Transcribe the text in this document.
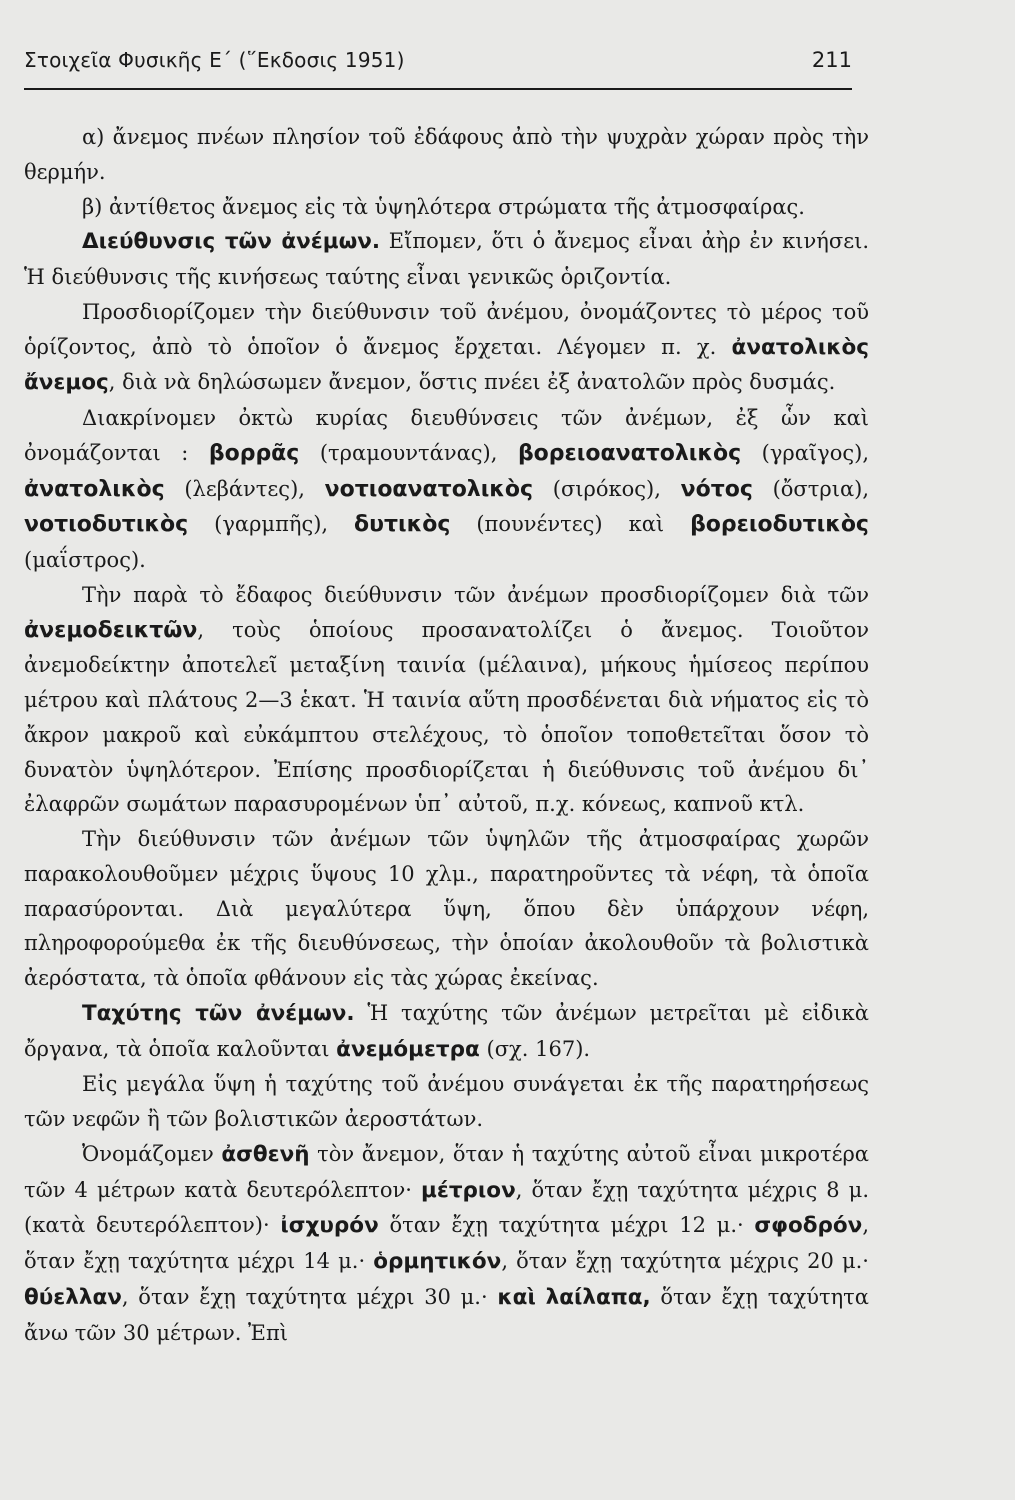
Στοιχεῖα Φυσικῆς Ε΄ (῞Εκδοσις 1951)	211

α) ἄνεμος πνέων πλησίον τοῦ ἐδάφους ἀπὸ τὴν ψυχρὰν χώραν πρὸς τὴν θερμήν.

β) ἀντίθετος ἄνεμος εἰς τὰ ὑψηλότερα στρώματα τῆς ἀτμοσφαίρας.

Διεύθυνσις τῶν ἀνέμων. Εἴπομεν, ὅτι ὁ ἄνεμος εἶναι ἀὴρ ἐν κινήσει. Ἡ διεύθυνσις τῆς κινήσεως ταύτης εἶναι γενικῶς ὁριζοντία.

Προσδιορίζομεν τὴν διεύθυνσιν τοῦ ἀνέμου, ὀνομάζοντες τὸ μέρος τοῦ ὁρίζοντος, ἀπὸ τὸ ὁποῖον ὁ ἄνεμος ἔρχεται. Λέγομεν π. χ. ἀνατολικὸς ἄνεμος, διὰ νὰ δηλώσωμεν ἄνεμον, ὅστις πνέει ἐξ ἀνατολῶν πρὸς δυσμάς.

Διακρίνομεν ὀκτὼ κυρίας διευθύνσεις τῶν ἀνέμων, ἐξ ὧν καὶ ὀνομάζονται : βορρᾶς (τραμουντάνας), βορειοανατολικὸς (γραῖγος), ἀνατολικὸς (λεβάντες), νοτιοανατολικὸς (σιρόκος), νότος (ὄστρια), νοτιοδυτικὸς (γαρμπῆς), δυτικὸς (πουνέντες) καὶ βορειοδυτικὸς (μαΐστρος).

Τὴν παρὰ τὸ ἔδαφος διεύθυνσιν τῶν ἀνέμων προσδιορίζομεν διὰ τῶν ἀνεμοδεικτῶν, τοὺς ὁποίους προσανατολίζει ὁ ἄνεμος. Τοιοῦτον ἀνεμοδείκτην ἀποτελεῖ μεταξίνη ταινία (μέλαινα), μήκους ἡμίσεος περίπου μέτρου καὶ πλάτους 2—3 ἑκατ. Ἡ ταινία αὕτη προσδένεται διὰ νήματος εἰς τὸ ἄκρον μακροῦ καὶ εὐκάμπτου στελέχους, τὸ ὁποῖον τοποθετεῖται ὅσον τὸ δυνατὸν ὑψηλότερον. Ἐπίσης προσδιορίζεται ἡ διεύθυνσις τοῦ ἀνέμου δι᾿ ἐλαφρῶν σωμάτων παρασυρομένων ὑπ᾿ αὐτοῦ, π.χ. κόνεως, καπνοῦ κτλ.

Τὴν διεύθυνσιν τῶν ἀνέμων τῶν ὑψηλῶν τῆς ἀτμοσφαίρας χωρῶν παρακολουθοῦμεν μέχρις ὕψους 10 χλμ., παρατηροῦντες τὰ νέφη, τὰ ὁποῖα παρασύρονται. Διὰ μεγαλύτερα ὕψη, ὅπου δὲν ὑπάρχουν νέφη, πληροφορούμεθα ἐκ τῆς διευθύνσεως, τὴν ὁποίαν ἀκολουθοῦν τὰ βολιστικὰ ἀερόστατα, τὰ ὁποῖα φθάνουν εἰς τὰς χώρας ἐκείνας.

Ταχύτης τῶν ἀνέμων. Ἡ ταχύτης τῶν ἀνέμων μετρεῖται μὲ εἰδικὰ ὄργανα, τὰ ὁποῖα καλοῦνται ἀνεμόμετρα (σχ. 167).

Εἰς μεγάλα ὕψη ἡ ταχύτης τοῦ ἀνέμου συνάγεται ἐκ τῆς παρατηρήσεως τῶν νεφῶν ἢ τῶν βολιστικῶν ἀεροστάτων.

Ὀνομάζομεν ἀσθενῆ τὸν ἄνεμον, ὅταν ἡ ταχύτης αὐτοῦ εἶναι μικροτέρα τῶν 4 μέτρων κατὰ δευτερόλεπτον· μέτριον, ὅταν ἔχῃ ταχύτητα μέχρις 8 μ. (κατὰ δευτερόλεπτον)· ἰσχυρόν ὅταν ἔχῃ ταχύτητα μέχρι 12 μ.· σφοδρόν, ὅταν ἔχῃ ταχύτητα μέχρι 14 μ.· ὁρμητικόν, ὅταν ἔχῃ ταχύτητα μέχρις 20 μ.· θύελλαν, ὅταν ἔχῃ ταχύτητα μέχρι 30 μ.· καὶ λαίλαπα, ὅταν ἔχῃ ταχύτητα ἄνω τῶν 30 μέτρων. Ἐπὶ
